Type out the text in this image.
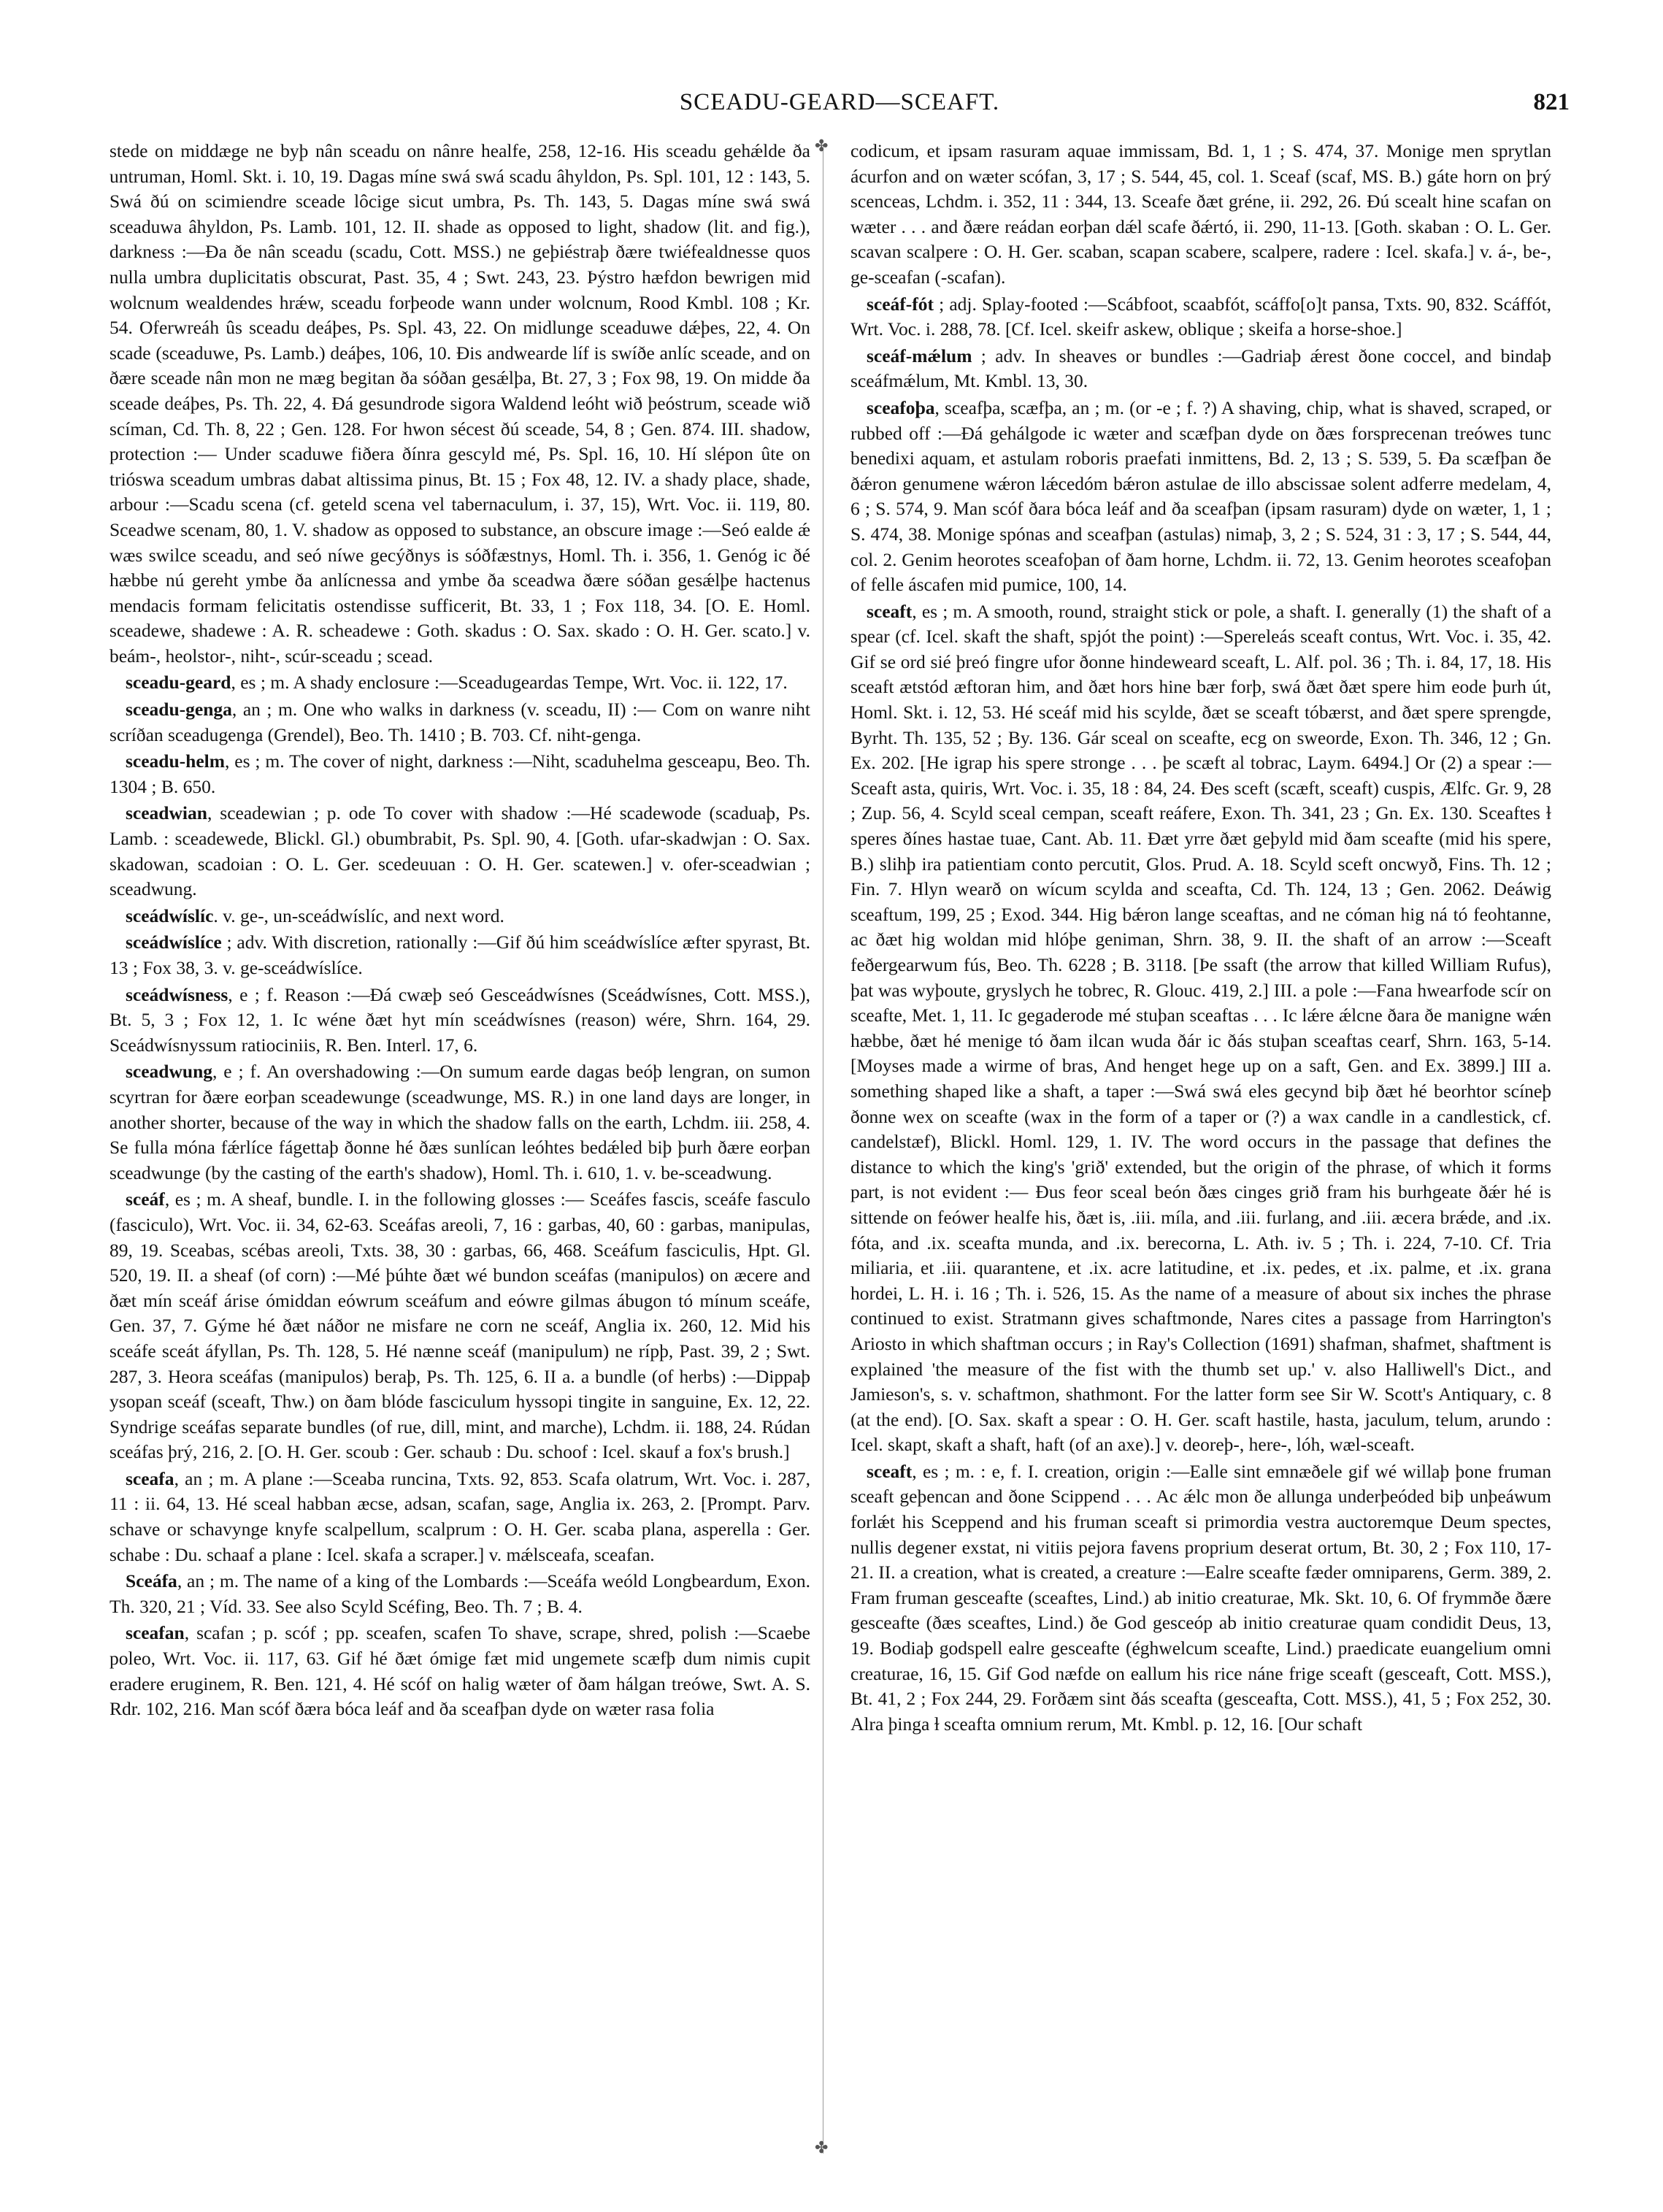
SCEADU-GEARD—SCEAFT.	821
✤
✤

stede on middæge ne byþ nân sceadu on nânre healfe, 258, 12-16. His sceadu gehǽlde ða untruman, Homl. Skt. i. 10, 19. Dagas míne swá swá scadu âhyldon, Ps. Spl. 101, 12 : 143, 5. Swá ðú on scimiendre sceade lôcige sicut umbra, Ps. Th. 143, 5. Dagas míne swá swá sceaduwa âhyldon, Ps. Lamb. 101, 12. II. shade as opposed to light, shadow (lit. and fig.), darkness :—Ða ðe nân sceadu (scadu, Cott. MSS.) ne geþiéstraþ ðære twiéfealdnesse quos nulla umbra duplicitatis obscurat, Past. 35, 4 ; Swt. 243, 23. Þýstro hæfdon bewrigen mid wolcnum wealdendes hrǽw, sceadu forþeode wann under wolcnum, Rood Kmbl. 108 ; Kr. 54. Oferwreáh ûs sceadu deáþes, Ps. Spl. 43, 22. On midlunge sceaduwe dǽþes, 22, 4. On scade (sceaduwe, Ps. Lamb.) deáþes, 106, 10. Ðis andwearde líf is swíðe anlíc sceade, and on ðære sceade nân mon ne mæg begitan ða sóðan gesǽlþa, Bt. 27, 3 ; Fox 98, 19. On midde ða sceade deáþes, Ps. Th. 22, 4. Ðá gesundrode sigora Waldend leóht wið þeóstrum, sceade wið scíman, Cd. Th. 8, 22 ; Gen. 128. For hwon sécest ðú sceade, 54, 8 ; Gen. 874. III. shadow, protection :— Under scaduwe fiðera ðínra gescyld mé, Ps. Spl. 16, 10. Hí slépon ûte on trióswa sceadum umbras dabat altissima pinus, Bt. 15 ; Fox 48, 12. IV. a shady place, shade, arbour :—Scadu scena (cf. geteld scena vel tabernaculum, i. 37, 15), Wrt. Voc. ii. 119, 80. Sceadwe scenam, 80, 1. V. shadow as opposed to substance, an obscure image :—Seó ealde ǽ wæs swilce sceadu, and seó níwe gecýðnys is sóðfæstnys, Homl. Th. i. 356, 1. Genóg ic ðé hæbbe nú gereht ymbe ða anlícnessa and ymbe ða sceadwa ðære sóðan gesǽlþe hactenus mendacis formam felicitatis ostendisse sufficerit, Bt. 33, 1 ; Fox 118, 34. [O. E. Homl. sceadewe, shadewe : A. R. scheadewe : Goth. skadus : O. Sax. skado : O. H. Ger. scato.] v. beám-, heolstor-, niht-, scúr-sceadu ; scead.

sceadu-geard, es ; m. A shady enclosure :—Sceadugeardas Tempe, Wrt. Voc. ii. 122, 17.

sceadu-genga, an ; m. One who walks in darkness (v. sceadu, II) :— Com on wanre niht scríðan sceadugenga (Grendel), Beo. Th. 1410 ; B. 703. Cf. niht-genga.

sceadu-helm, es ; m. The cover of night, darkness :—Niht, scaduhelma gesceapu, Beo. Th. 1304 ; B. 650.

sceadwian, sceadewian ; p. ode To cover with shadow :—Hé scadewode (scaduaþ, Ps. Lamb. : sceadewede, Blickl. Gl.) obumbrabit, Ps. Spl. 90, 4. [Goth. ufar-skadwjan : O. Sax. skadowan, scadoian : O. L. Ger. scedeuuan : O. H. Ger. scatewen.] v. ofer-sceadwian ; sceadwung.

sceádwíslíc. v. ge-, un-sceádwíslíc, and next word.

sceádwíslíce ; adv. With discretion, rationally :—Gif ðú him sceádwíslíce æfter spyrast, Bt. 13 ; Fox 38, 3. v. ge-sceádwíslíce.

sceádwísness, e ; f. Reason :—Ðá cwæþ seó Gesceádwísnes (Sceádwísnes, Cott. MSS.), Bt. 5, 3 ; Fox 12, 1. Ic wéne ðæt hyt mín sceádwísnes (reason) wére, Shrn. 164, 29. Sceádwísnyssum ratiociniis, R. Ben. Interl. 17, 6.

sceadwung, e ; f. An overshadowing :—On sumum earde dagas beóþ lengran, on sumon scyrtran for ðære eorþan sceadewunge (sceadwunge, MS. R.) in one land days are longer, in another shorter, because of the way in which the shadow falls on the earth, Lchdm. iii. 258, 4. Se fulla móna fǽrlíce fágettaþ ðonne hé ðæs sunlícan leóhtes bedǽled biþ þurh ðære eorþan sceadwunge (by the casting of the earth's shadow), Homl. Th. i. 610, 1. v. be-sceadwung.

sceáf, es ; m. A sheaf, bundle. I. in the following glosses :— Sceáfes fascis, sceáfe fasculo (fasciculo), Wrt. Voc. ii. 34, 62-63. Sceáfas areoli, 7, 16 : garbas, 40, 60 : garbas, manipulas, 89, 19. Sceabas, scébas areoli, Txts. 38, 30 : garbas, 66, 468. Sceáfum fasciculis, Hpt. Gl. 520, 19. II. a sheaf (of corn) :—Mé þúhte ðæt wé bundon sceáfas (manipulos) on æcere and ðæt mín sceáf árise ómiddan eówrum sceáfum and eówre gilmas ábugon tó mínum sceáfe, Gen. 37, 7. Gýme hé ðæt náðor ne misfare ne corn ne sceáf, Anglia ix. 260, 12. Mid his sceáfe sceát áfyllan, Ps. Th. 128, 5. Hé nænne sceáf (manipulum) ne rípþ, Past. 39, 2 ; Swt. 287, 3. Heora sceáfas (manipulos) beraþ, Ps. Th. 125, 6. II a. a bundle (of herbs) :—Dippaþ ysopan sceáf (sceaft, Thw.) on ðam blóde fasciculum hyssopi tingite in sanguine, Ex. 12, 22. Syndrige sceáfas separate bundles (of rue, dill, mint, and marche), Lchdm. ii. 188, 24. Rúdan sceáfas þrý, 216, 2. [O. H. Ger. scoub : Ger. schaub : Du. schoof : Icel. skauf a fox's brush.]

sceafa, an ; m. A plane :—Sceaba runcina, Txts. 92, 853. Scafa olatrum, Wrt. Voc. i. 287, 11 : ii. 64, 13. Hé sceal habban æcse, adsan, scafan, sage, Anglia ix. 263, 2. [Prompt. Parv. schave or schavynge knyfe scalpellum, scalprum : O. H. Ger. scaba plana, asperella : Ger. schabe : Du. schaaf a plane : Icel. skafa a scraper.] v. mǽlsceafa, sceafan.

Sceáfa, an ; m. The name of a king of the Lombards :—Sceáfa weóld Longbeardum, Exon. Th. 320, 21 ; Víd. 33. See also Scyld Scéfing, Beo. Th. 7 ; B. 4.

sceafan, scafan ; p. scóf ; pp. sceafen, scafen To shave, scrape, shred, polish :—Scaebe poleo, Wrt. Voc. ii. 117, 63. Gif hé ðæt ómige fæt mid ungemete scæfþ dum nimis cupit eradere eruginem, R. Ben. 121, 4. Hé scóf on halig wæter of ðam hálgan treówe, Swt. A. S. Rdr. 102, 216. Man scóf ðæra bóca leáf and ða sceafþan dyde on wæter rasa folia

codicum, et ipsam rasuram aquae immissam, Bd. 1, 1 ; S. 474, 37. Monige men sprytlan ácurfon and on wæter scófan, 3, 17 ; S. 544, 45, col. 1. Sceaf (scaf, MS. B.) gáte horn on þrý scenceas, Lchdm. i. 352, 11 : 344, 13. Sceafe ðæt gréne, ii. 292, 26. Ðú scealt hine scafan on wæter . . . and ðære reádan eorþan dǽl scafe ðǽrtó, ii. 290, 11-13. [Goth. skaban : O. L. Ger. scavan scalpere : O. H. Ger. scaban, scapan scabere, scalpere, radere : Icel. skafa.] v. á-, be-, ge-sceafan (-scafan).

sceáf-fót ; adj. Splay-footed :—Scábfoot, scaabfót, scáffo[o]t pansa, Txts. 90, 832. Scáffót, Wrt. Voc. i. 288, 78. [Cf. Icel. skeifr askew, oblique ; skeifa a horse-shoe.]

sceáf-mǽlum ; adv. In sheaves or bundles :—Gadriaþ ǽrest ðone coccel, and bindaþ sceáfmǽlum, Mt. Kmbl. 13, 30.

sceafoþa, sceafþa, scæfþa, an ; m. (or -e ; f. ?) A shaving, chip, what is shaved, scraped, or rubbed off :—Ðá gehálgode ic wæter and scæfþan dyde on ðæs forsprecenan treówes tunc benedixi aquam, et astulam roboris praefati inmittens, Bd. 2, 13 ; S. 539, 5. Ða scæfþan ðe ðǽron genumene wǽron lǽcedóm bǽron astulae de illo abscissae solent adferre medelam, 4, 6 ; S. 574, 9. Man scóf ðara bóca leáf and ða sceafþan (ipsam rasuram) dyde on wæter, 1, 1 ; S. 474, 38. Monige spónas and sceafþan (astulas) nimaþ, 3, 2 ; S. 524, 31 : 3, 17 ; S. 544, 44, col. 2. Genim heorotes sceafoþan of ðam horne, Lchdm. ii. 72, 13. Genim heorotes sceafoþan of felle áscafen mid pumice, 100, 14.

sceaft, es ; m. A smooth, round, straight stick or pole, a shaft. I. generally (1) the shaft of a spear (cf. Icel. skaft the shaft, spjót the point) :—Spereleás sceaft contus, Wrt. Voc. i. 35, 42. Gif se ord sié þreó fingre ufor ðonne hindeweard sceaft, L. Alf. pol. 36 ; Th. i. 84, 17, 18. His sceaft ætstód æftoran him, and ðæt hors hine bær forþ, swá ðæt ðæt spere him eode þurh út, Homl. Skt. i. 12, 53. Hé sceáf mid his scylde, ðæt se sceaft tóbærst, and ðæt spere sprengde, Byrht. Th. 135, 52 ; By. 136. Gár sceal on sceafte, ecg on sweorde, Exon. Th. 346, 12 ; Gn. Ex. 202. [He igrap his spere stronge . . . þe scæft al tobrac, Laym. 6494.] Or (2) a spear :—Sceaft asta, quiris, Wrt. Voc. i. 35, 18 : 84, 24. Ðes sceft (scæft, sceaft) cuspis, Ælfc. Gr. 9, 28 ; Zup. 56, 4. Scyld sceal cempan, sceaft reáfere, Exon. Th. 341, 23 ; Gn. Ex. 130. Sceaftes ɫ speres ðínes hastae tuae, Cant. Ab. 11. Ðæt yrre ðæt geþyld mid ðam sceafte (mid his spere, B.) slihþ ira patientiam conto percutit, Glos. Prud. A. 18. Scyld sceft oncwyð, Fins. Th. 12 ; Fin. 7. Hlyn wearð on wícum scylda and sceafta, Cd. Th. 124, 13 ; Gen. 2062. Deáwig sceaftum, 199, 25 ; Exod. 344. Hig bǽron lange sceaftas, and ne cóman hig ná tó feohtanne, ac ðæt hig woldan mid hlóþe geniman, Shrn. 38, 9. II. the shaft of an arrow :—Sceaft feðergearwum fús, Beo. Th. 6228 ; B. 3118. [Þe ssaft (the arrow that killed William Rufus), þat was wyþoute, gryslych he tobrec, R. Glouc. 419, 2.] III. a pole :—Fana hwearfode scír on sceafte, Met. 1, 11. Ic gegaderode mé stuþan sceaftas . . . Ic lǽre ǽlcne ðara ðe manigne wǽn hæbbe, ðæt hé menige tó ðam ilcan wuda ðár ic ðás stuþan sceaftas cearf, Shrn. 163, 5-14. [Moyses made a wirme of bras, And henget hege up on a saft, Gen. and Ex. 3899.] III a. something shaped like a shaft, a taper :—Swá swá eles gecynd biþ ðæt hé beorhtor scíneþ ðonne wex on sceafte (wax in the form of a taper or (?) a wax candle in a candlestick, cf. candelstæf), Blickl. Homl. 129, 1. IV. The word occurs in the passage that defines the distance to which the king's 'grið' extended, but the origin of the phrase, of which it forms part, is not evident :— Ðus feor sceal beón ðæs cinges grið fram his burhgeate ðǽr hé is sittende on feówer healfe his, ðæt is, .iii. míla, and .iii. furlang, and .iii. æcera brǽde, and .ix. fóta, and .ix. sceafta munda, and .ix. berecorna, L. Ath. iv. 5 ; Th. i. 224, 7-10. Cf. Tria miliaria, et .iii. quarantene, et .ix. acre latitudine, et .ix. pedes, et .ix. palme, et .ix. grana hordei, L. H. i. 16 ; Th. i. 526, 15. As the name of a measure of about six inches the phrase continued to exist. Stratmann gives schaftmonde, Nares cites a passage from Harrington's Ariosto in which shaftman occurs ; in Ray's Collection (1691) shafman, shafmet, shaftment is explained 'the measure of the fist with the thumb set up.' v. also Halliwell's Dict., and Jamieson's, s. v. schaftmon, shathmont. For the latter form see Sir W. Scott's Antiquary, c. 8 (at the end). [O. Sax. skaft a spear : O. H. Ger. scaft hastile, hasta, jaculum, telum, arundo : Icel. skapt, skaft a shaft, haft (of an axe).] v. deoreþ-, here-, lóh, wæl-sceaft.

sceaft, es ; m. : e, f. I. creation, origin :—Ealle sint emnæðele gif wé willaþ þone fruman sceaft geþencan and ðone Scippend . . . Ac ǽlc mon ðe allunga underþeóded biþ unþeáwum forlǽt his Sceppend and his fruman sceaft si primordia vestra auctoremque Deum spectes, nullis degener exstat, ni vitiis pejora favens proprium deserat ortum, Bt. 30, 2 ; Fox 110, 17-21. II. a creation, what is created, a creature :—Ealre sceafte fæder omniparens, Germ. 389, 2. Fram fruman gesceafte (sceaftes, Lind.) ab initio creaturae, Mk. Skt. 10, 6. Of frymmðe ðære gesceafte (ðæs sceaftes, Lind.) ðe God gesceóp ab initio creaturae quam condidit Deus, 13, 19. Bodiaþ godspell ealre gesceafte (éghwelcum sceafte, Lind.) praedicate euangelium omni creaturae, 16, 15. Gif God næfde on eallum his rice náne frige sceaft (gesceaft, Cott. MSS.), Bt. 41, 2 ; Fox 244, 29. Forðæm sint ðás sceafta (gesceafta, Cott. MSS.), 41, 5 ; Fox 252, 30. Alra þinga ɫ sceafta omnium rerum, Mt. Kmbl. p. 12, 16. [Our schaft
